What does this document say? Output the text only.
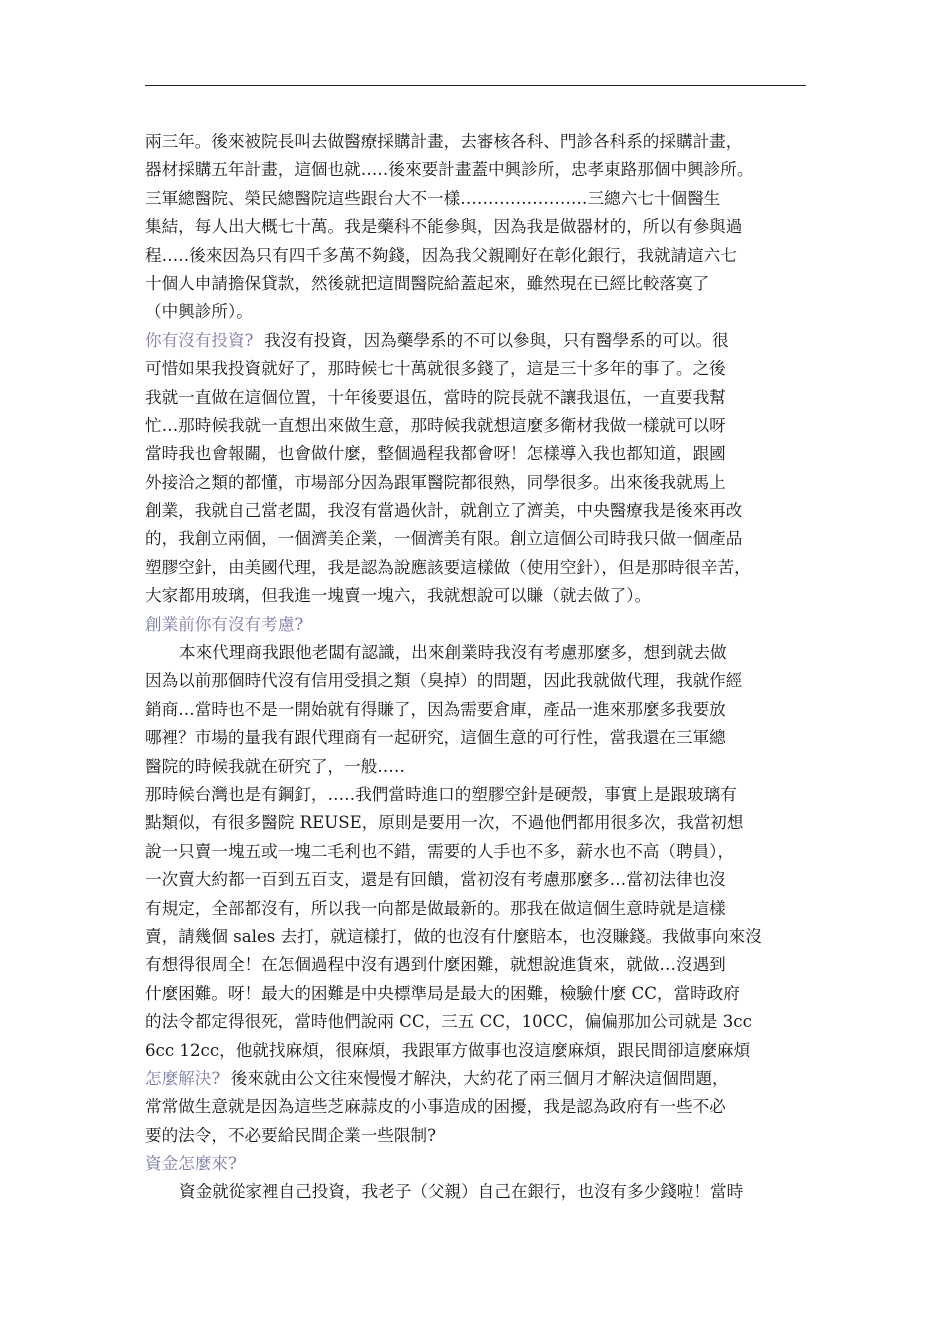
兩三年。後來被院長叫去做醫療採購計畫，去審核各科、門診各科系的採購計畫，
器材採購五年計畫，這個也就…‥後來要計畫蓋中興診所，忠孝東路那個中興診所。
三軍總醫院、榮民總醫院這些跟台大不一樣…………………‥三總六七十個醫生
集結，每人出大概七十萬。我是藥科不能參與，因為我是做器材的，所以有參與過
程…‥後來因為只有四千多萬不夠錢，因為我父親剛好在彰化銀行，我就請這六七
十個人申請擔保貸款，然後就把這間醫院給蓋起來，雖然現在已經比較落寞了
（中興診所）。
你有沒有投資?  我沒有投資，因為藥學系的不可以參與，只有醫學系的可以。很
可惜如果我投資就好了，那時候七十萬就很多錢了，這是三十多年的事了。之後
我就一直做在這個位置，十年後要退伍，當時的院長就不讓我退伍，一直要我幫
忙…那時候我就一直想出來做生意，那時候我就想這麼多衛材我做一樣就可以呀
當時我也會報關，也會做什麼，整個過程我都會呀！怎樣導入我也都知道，跟國
外接洽之類的都懂，市場部分因為跟軍醫院都很熟，同學很多。出來後我就馬上
創業，我就自己當老闆，我沒有當過伙計，就創立了濟美，中央醫療我是後來再改
的，我創立兩個，一個濟美企業，一個濟美有限。創立這個公司時我只做一個產品
塑膠空針，由美國代理，我是認為說應該要這樣做（使用空針），但是那時很辛苦，
大家都用玻璃，但我進一塊賣一塊六，我就想說可以賺（就去做了）。
創業前你有沒有考慮?
本來代理商我跟他老闆有認識，出來創業時我沒有考慮那麼多，想到就去做
因為以前那個時代沒有信用受損之類（臭掉）的問題，因此我就做代理，我就作經
銷商…當時也不是一開始就有得賺了，因為需要倉庫，產品一進來那麼多我要放
哪裡？市場的量我有跟代理商有一起研究，這個生意的可行性，當我還在三軍總
醫院的時候我就在研究了，一般…‥
那時候台灣也是有鋼釘，…‥我們當時進口的塑膠空針是硬殼，事實上是跟玻璃有
點類似，有很多醫院 REUSE，原則是要用一次，不過他們都用很多次，我當初想
說一只賣一塊五或一塊二毛利也不錯，需要的人手也不多，薪水也不高（聘員），
一次賣大約都一百到五百支，還是有回饋，當初沒有考慮那麼多…當初法律也沒
有規定，全部都沒有，所以我一向都是做最新的。那我在做這個生意時就是這樣
賣，請幾個 sales 去打，就這樣打，做的也沒有什麼賠本，也沒賺錢。我做事向來沒
有想得很周全！在怎個過程中沒有遇到什麼困難，就想說進貨來，就做…沒遇到
什麼困難。呀！最大的困難是中央標準局是最大的困難，檢驗什麼 CC，當時政府
的法令都定得很死，當時他們說兩 CC，三五 CC，10CC，偏偏那加公司就是 3cc
6cc 12cc，他就找麻煩，很麻煩，我跟軍方做事也沒這麼麻煩，跟民間卻這麼麻煩
怎麼解決?  後來就由公文往來慢慢才解決，大約花了兩三個月才解決這個問題，
常常做生意就是因為這些芝麻蒜皮的小事造成的困擾，我是認為政府有一些不必
要的法令，不必要給民間企業一些限制?
資金怎麼來?
資金就從家裡自己投資，我老子（父親）自己在銀行，也沒有多少錢啦！當時
